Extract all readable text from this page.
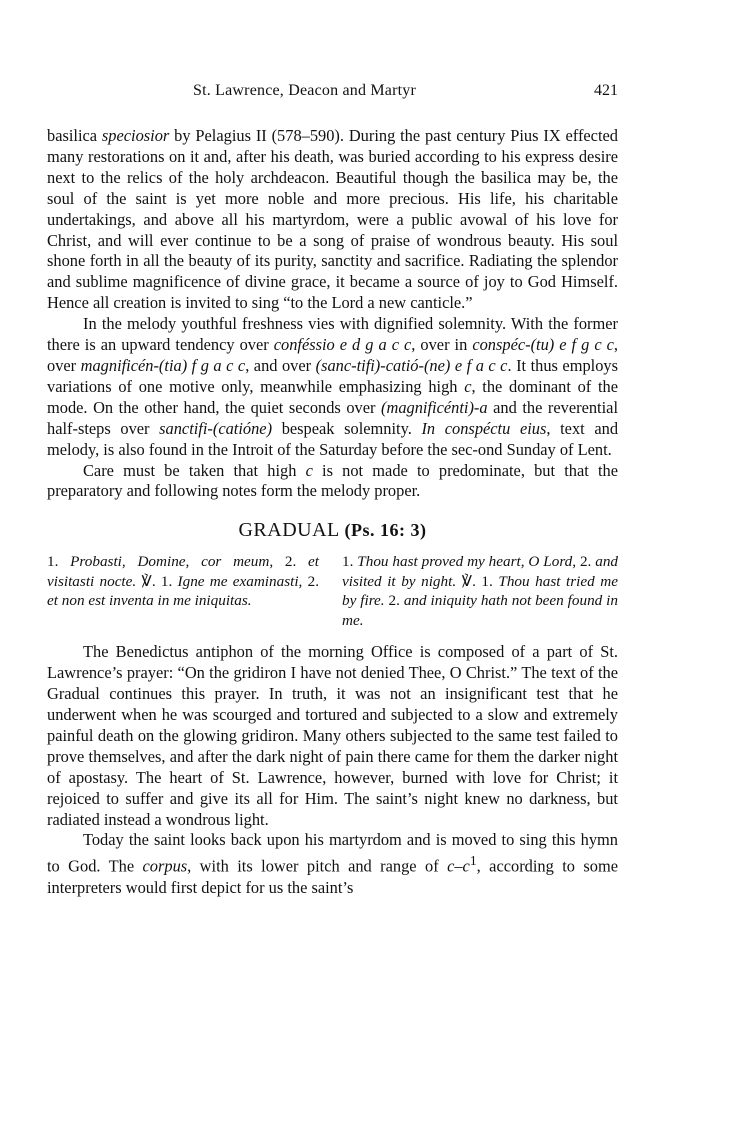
St. Lawrence, Deacon and Martyr	421

basilica speciosior by Pelagius II (578–590). During the past century Pius IX effected many restorations on it and, after his death, was buried according to his express desire next to the relics of the holy archdeacon. Beautiful though the basilica may be, the soul of the saint is yet more noble and more precious. His life, his charitable undertakings, and above all his martyrdom, were a public avowal of his love for Christ, and will ever continue to be a song of praise of wondrous beauty. His soul shone forth in all the beauty of its purity, sanctity and sacrifice. Radiating the splendor and sublime magnificence of divine grace, it became a source of joy to God Himself. Hence all creation is invited to sing “to the Lord a new canticle.”

In the melody youthful freshness vies with dignified solemnity. With the former there is an upward tendency over conféssio e d g a c c, over in conspéc-(tu) e f g c c, over magnificén-(tia) f g a c c, and over (sanc-tifi)-catió-(ne) e f a c c. It thus employs variations of one motive only, meanwhile emphasizing high c, the dominant of the mode. On the other hand, the quiet seconds over (magnificénti)-a and the reverential half-steps over sanctifi-(catióne) bespeak solemnity. In conspéctu eius, text and melody, is also found in the Introit of the Saturday before the sec-ond Sunday of Lent.

Care must be taken that high c is not made to predominate, but that the preparatory and following notes form the melody proper.

GRADUAL (Ps. 16: 3)
1. Probasti, Domine, cor meum, 2. et visitasti nocte. ℣. 1. Igne me examinasti, 2. et non est inventa in me iniquitas.
1. Thou hast proved my heart, O Lord, 2. and visited it by night. ℣. 1. Thou hast tried me by fire. 2. and iniquity hath not been found in me.

The Benedictus antiphon of the morning Office is composed of a part of St. Lawrence’s prayer: “On the gridiron I have not denied Thee, O Christ.” The text of the Gradual continues this prayer. In truth, it was not an insignificant test that he underwent when he was scourged and tortured and subjected to a slow and extremely painful death on the glowing gridiron. Many others subjected to the same test failed to prove themselves, and after the dark night of pain there came for them the darker night of apostasy. The heart of St. Lawrence, however, burned with love for Christ; it rejoiced to suffer and give its all for Him. The saint’s night knew no darkness, but radiated instead a wondrous light.

Today the saint looks back upon his martyrdom and is moved to sing this hymn to God. The corpus, with its lower pitch and range of $c-c^1$, according to some interpreters would first depict for us the saint’s
